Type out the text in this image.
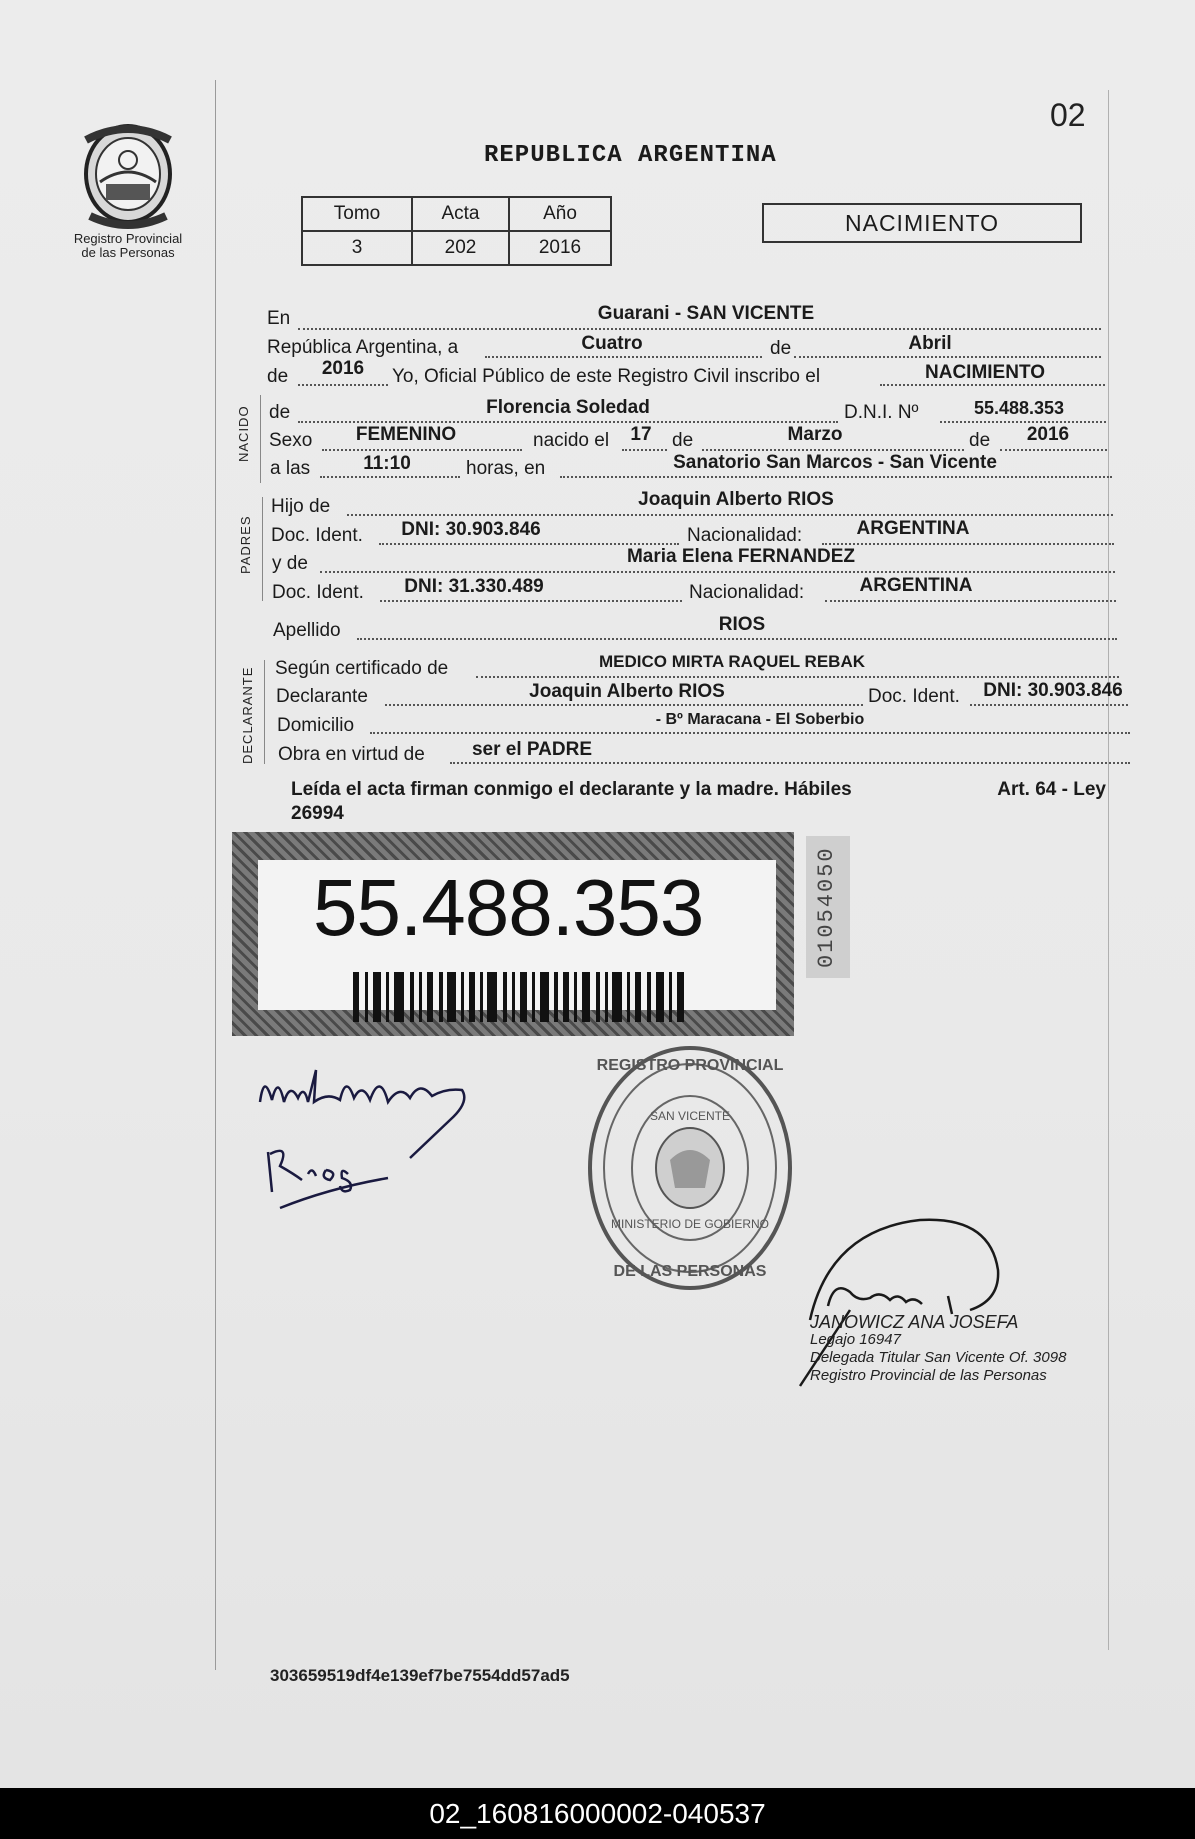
Registro Provincial
de las Personas
02
REPUBLICA ARGENTINA
Tomo	Acta	Año
3	202	2016
NACIMIENTO
En	Guarani - SAN VICENTE
República Argentina, a	Cuatro	de	Abril
de 2016 Yo, Oficial Público de este Registro Civil inscribo el	NACIMIENTO
NACIDO de	Florencia Soledad	D.N.I. Nº	55.488.353
Sexo FEMENINO	nacido el 17 de	Marzo	de 2016
a las	11:10	horas, en	Sanatorio San Marcos - San Vicente
PADRES
Hijo de	Joaquin Alberto RIOS
Doc. Ident. DNI: 30.903.846	Nacionalidad:	ARGENTINA
y de	Maria Elena FERNANDEZ
Doc. Ident. DNI: 31.330.489	Nacionalidad:	ARGENTINA
Apellido	RIOS
DECLARANTE Según certificado de	MEDICO MIRTA RAQUEL REBAK
Declarante	Joaquin Alberto RIOS	Doc. Ident. DNI: 30.903.846
Domicilio	- Bº Maracana - El Soberbio
Obra en virtud de ser el PADRE
Leída el acta firman conmigo el declarante y la madre. Hábiles	Art. 64 - Ley
26994
55.488.353	01054050
REGISTRO PROVINCIAL
DE LAS PERSONAS
SAN VICENTE
MINISTERIO DE GOBIERNO
JANOWICZ ANA JOSEFA
Legajo 16947
Delegada Titular San Vicente Of. 3098
Registro Provincial de las Personas
303659519df4e139ef7be7554dd57ad5
02_160816000002-040537
